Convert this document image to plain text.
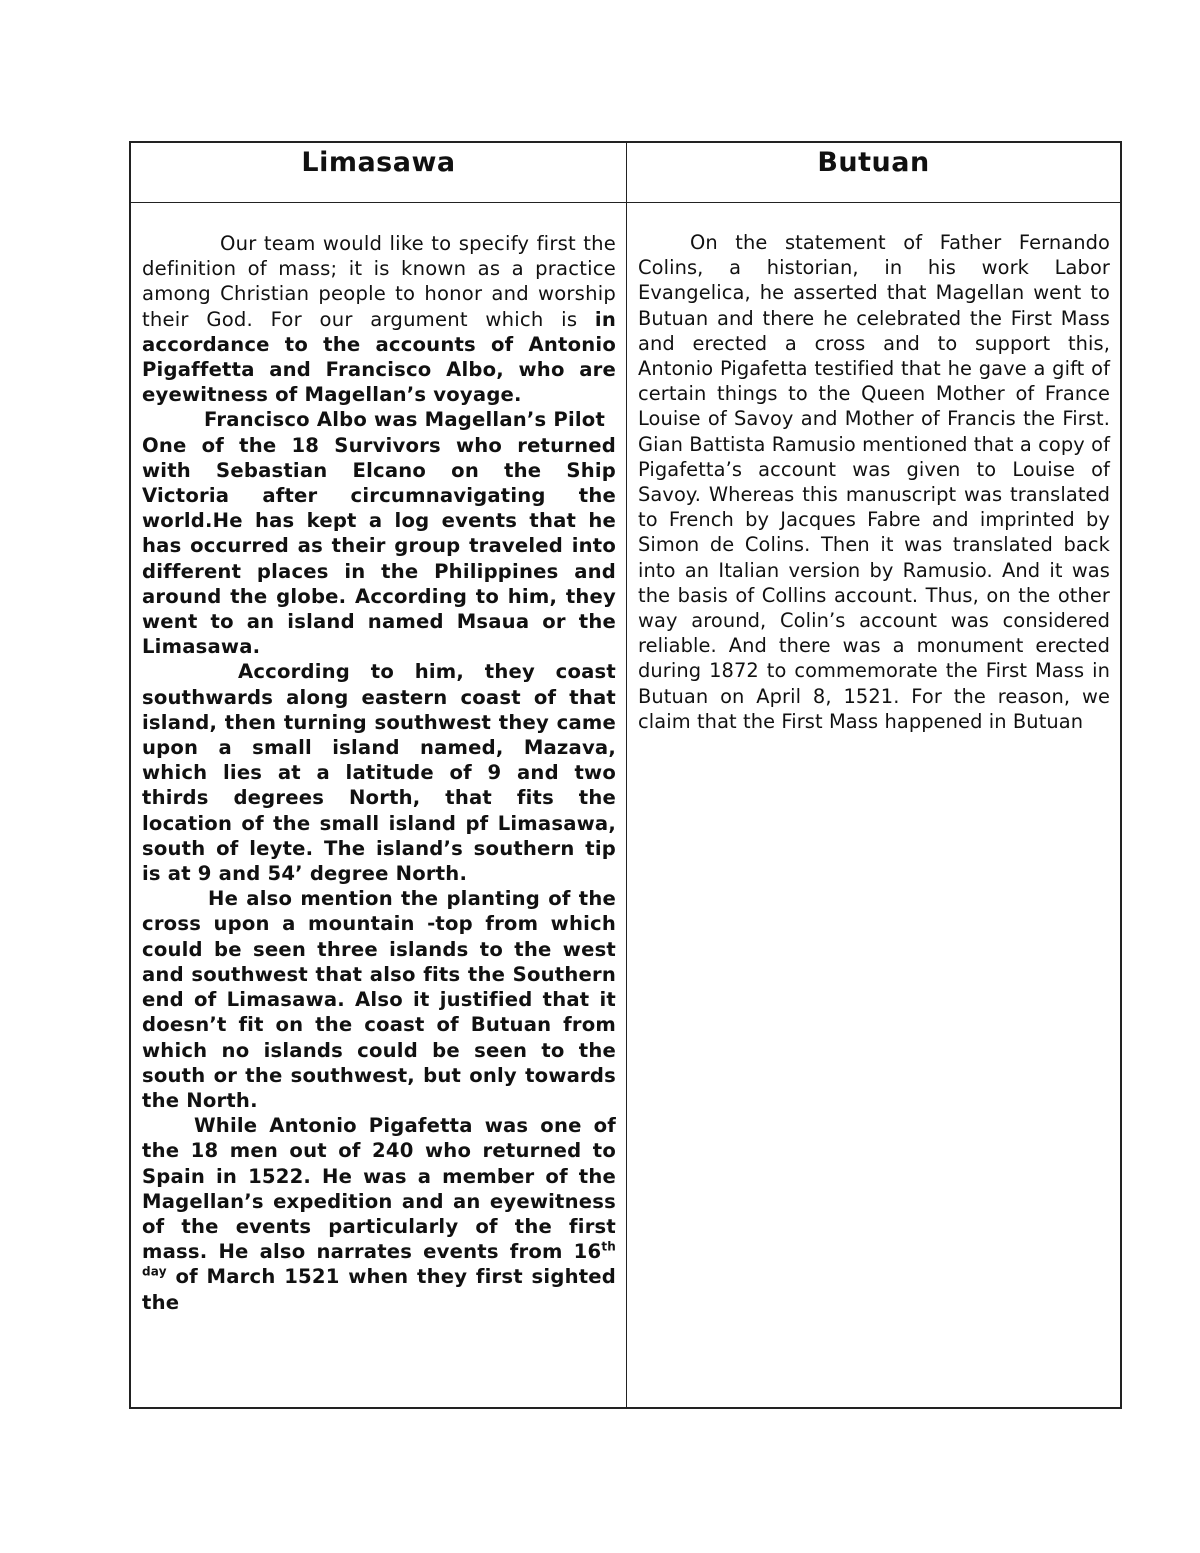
Limasawa	Butuan

Our team would like to specify first the definition of mass; it is known as a practice among Christian people to honor and worship their God. For our argument which is in accordance to the accounts of Antonio Pigaffetta and Francisco Albo, who are eyewitness of Magellan’s voyage.

Francisco Albo was Magellan’s Pilot

One of the 18 Survivors who returned with Sebastian Elcano on the Ship Victoria after circumnavigating the world.He has kept a log events that he has occurred as their group traveled into different places in the Philippines and around the globe. According to him, they went to an island named Msaua or the Limasawa.

According to him, they coast southwards along eastern coast of that island, then turning southwest they came upon a small island named, Mazava, which lies at a latitude of 9 and two thirds degrees North, that fits the location of the small island pf Limasawa, south of leyte. The island’s southern tip is at 9 and 54’ degree North.

He also mention the planting of the cross upon a mountain -top from which could be seen three islands to the west and southwest that also fits the Southern end of Limasawa. Also it justified that it doesn’t fit on the coast of Butuan from which no islands could be seen to the south or the southwest, but only towards the North.

While Antonio Pigafetta was one of the 18 men out of 240 who returned to Spain in 1522. He was a member of the Magellan’s expedition and an eyewitness of the events particularly of the first mass. He also narrates events from $16^{th day}$ of March 1521 when they first sighted the

On the statement of Father Fernando Colins, a historian, in his work Labor Evangelica, he asserted that Magellan went to Butuan and there he celebrated the First Mass and erected a cross and to support this, Antonio Pigafetta testified that he gave a gift of certain things to the Queen Mother of France Louise of Savoy and Mother of Francis the First. Gian Battista Ramusio mentioned that a copy of Pigafetta’s account was given to Louise of Savoy. Whereas this manuscript was translated to French by Jacques Fabre and imprinted by Simon de Colins. Then it was translated back into an Italian version by Ramusio. And it was the basis of Collins account. Thus, on the other way around, Colin’s account was considered reliable. And there was a monument erected during 1872 to commemorate the First Mass in Butuan on April 8, 1521. For the reason, we claim that the First Mass happened in Butuan
